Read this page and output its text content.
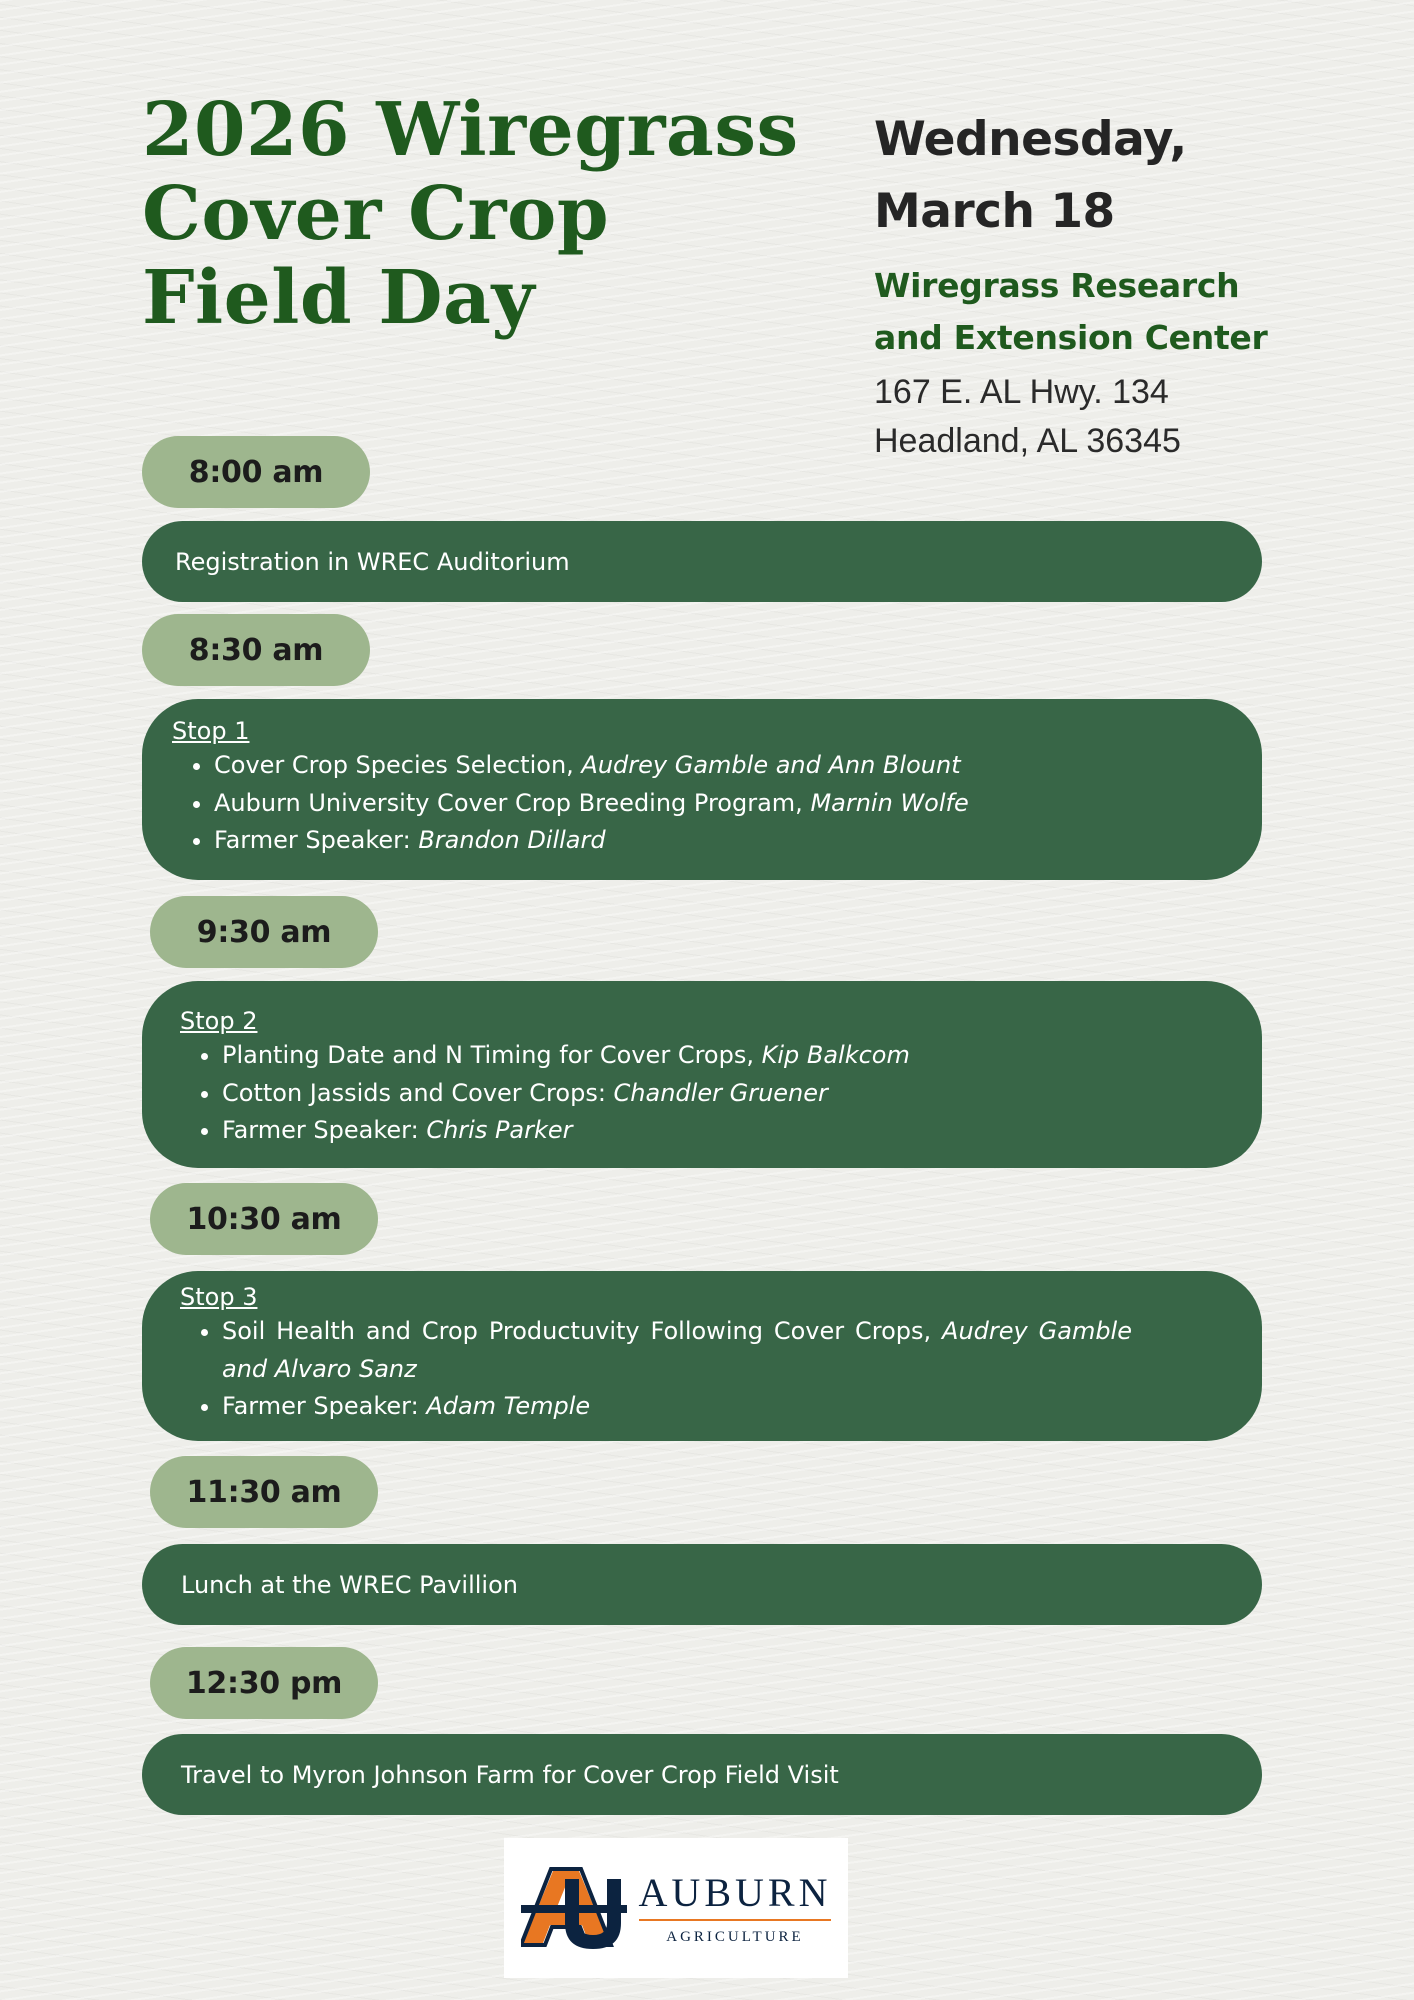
2026 Wiregrass
Cover Crop
Field Day
Wednesday,
March 18
Wiregrass Research
and Extension Center
167 E. AL Hwy. 134
Headland, AL 36345
8:00 am
Registration in WREC Auditorium
8:30 am
Stop 1
• Cover Crop Species Selection, Audrey Gamble and Ann Blount
• Auburn University Cover Crop Breeding Program, Marnin Wolfe
• Farmer Speaker: Brandon Dillard
9:30 am
Stop 2
• Planting Date and N Timing for Cover Crops, Kip Balkcom
• Cotton Jassids and Cover Crops: Chandler Gruener
• Farmer Speaker: Chris Parker
10:30 am
Stop 3
• Soil Health and Crop Productuvity Following Cover Crops, Audrey Gamble and Alvaro Sanz
• Farmer Speaker: Adam Temple
11:30 am
Lunch at the WREC Pavillion
12:30 pm
Travel to Myron Johnson Farm for Cover Crop Field Visit
AUBURN
AGRICULTURE
